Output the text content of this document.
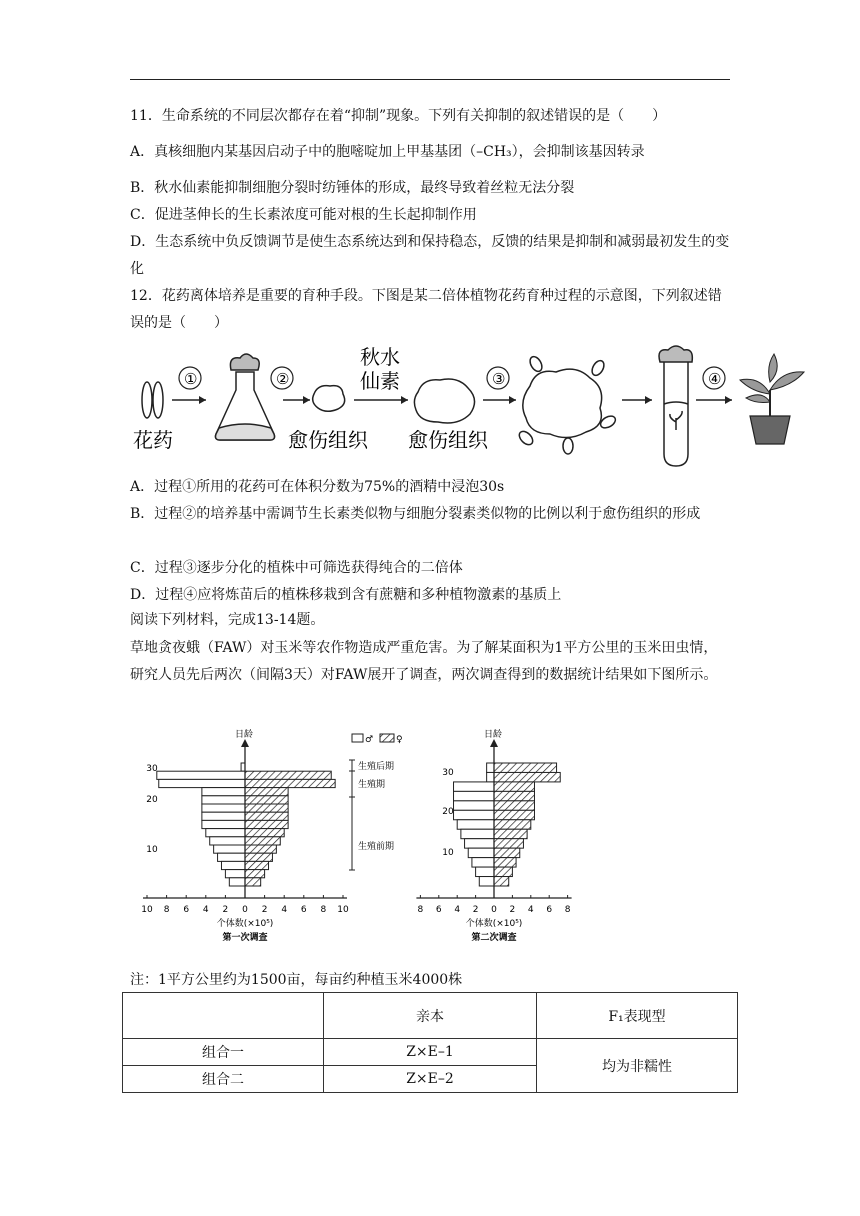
11．生命系统的不同层次都存在着“抑制”现象。下列有关抑制的叙述错误的是（　　）
A．真核细胞内某基因启动子中的胞嘧啶加上甲基基团（–CH₃），会抑制该基因转录
B．秋水仙素能抑制细胞分裂时纺锤体的形成，最终导致着丝粒无法分裂
C．促进茎伸长的生长素浓度可能对根的生长起抑制作用
D．生态系统中负反馈调节是使生态系统达到和保持稳态，反馈的结果是抑制和减弱最初发生的变化
12．花药离体培养是重要的育种手段。下图是某二倍体植物花药育种过程的示意图，下列叙述错误的是（　　）
花药
①	②
愈伤组织
秋水
仙素
愈伤组织
③	④
A．过程①所用的花药可在体积分数为75%的酒精中浸泡30s
B．过程②的培养基中需调节生长素类似物与细胞分裂素类似物的比例以利于愈伤组织的形成
C．过程③逐步分化的植株中可筛选获得纯合的二倍体
D．过程④应将炼苗后的植株移栽到含有蔗糖和多种植物激素的基质上
阅读下列材料，完成13-14题。
草地贪夜蛾（FAW）对玉米等农作物造成严重危害。为了解某面积为1平方公里的玉米田虫情，研究人员先后两次（间隔3天）对FAW展开了调查，两次调查得到的数据统计结果如下图所示。
日龄
10 8 6 4 2 0 2 4 6 8 10
10
20
30
个体数(×10⁵)
第一次调查
日龄
8 6 4 2 0 2 4 6 8
10
20
30
个体数(×10⁵)
第二次调查
♂	♀
生殖后期
生殖期
生殖前期
注：1平方公里约为1500亩，每亩约种植玉米4000株
	亲本	F₁表现型
组合一	Z×E–1	均为非糯性
组合二	Z×E–2	
